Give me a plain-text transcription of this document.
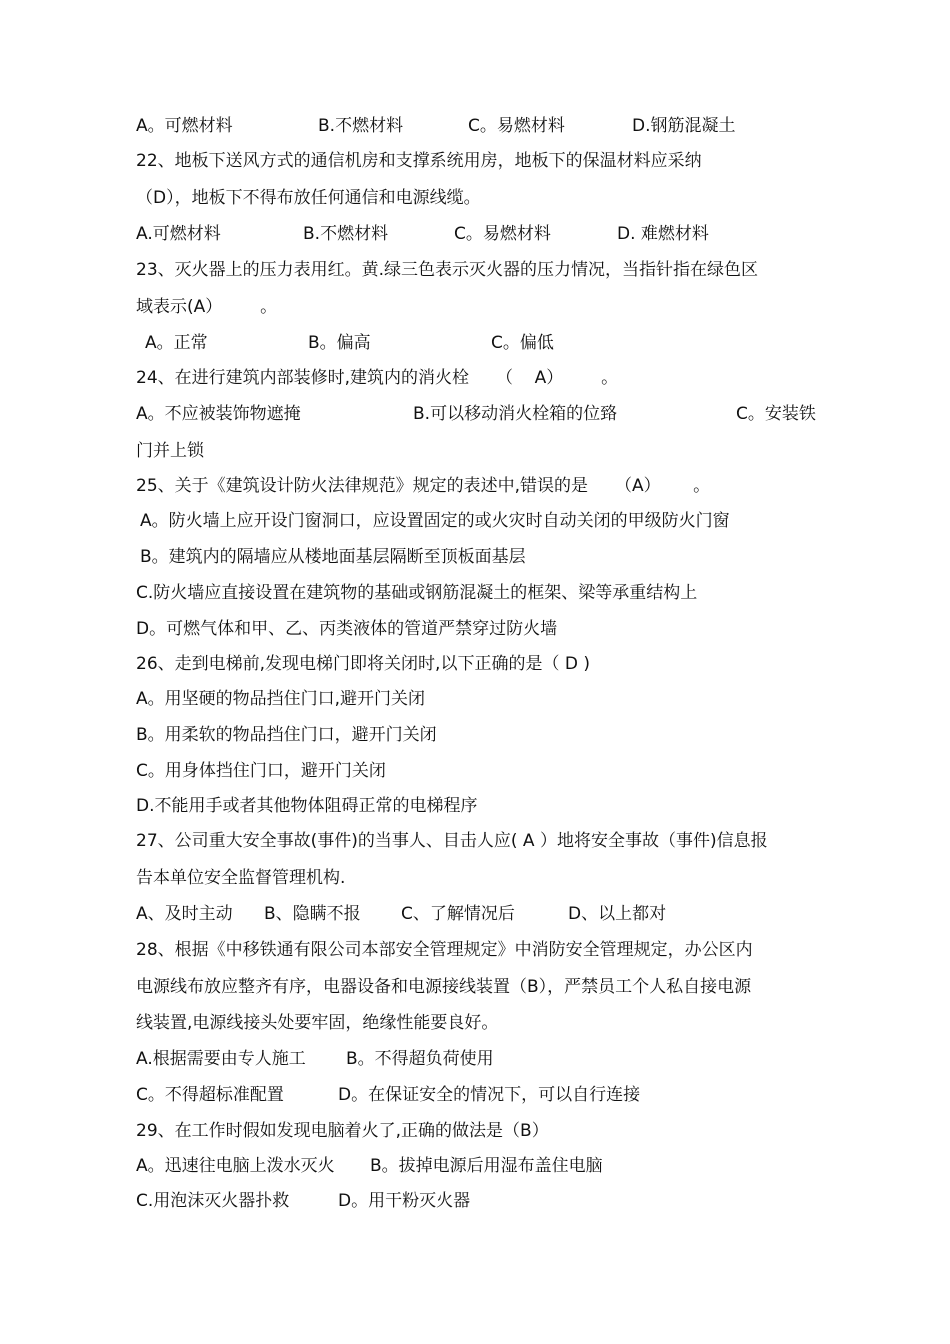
A。可燃材料	B.不燃材料	C。易燃材料	D.钢筋混凝土
22、地板下送风方式的通信机房和支撑系统用房，地板下的保温材料应采纳
（D），地板下不得布放任何通信和电源线缆。
A.可燃材料	B.不燃材料	C。易燃材料	D. 难燃材料
23、灭火器上的压力表用红。黄.绿三色表示灭火器的压力情况，当指针指在绿色区
域表示(A）       。
A。正常	B。偏高	C。偏低
24、在进行建筑内部装修时,建筑内的消火栓     （    A）       。
A。不应被装饰物遮掩	B.可以移动消火栓箱的位臵	C。安装铁
门并上锁
25、关于《建筑设计防火法律规范》规定的表述中,错误的是     （A）      。
A。防火墙上应开设门窗洞口，应设置固定的或火灾时自动关闭的甲级防火门窗
B。建筑内的隔墙应从楼地面基层隔断至顶板面基层
C.防火墙应直接设置在建筑物的基础或钢筋混凝土的框架、梁等承重结构上
D。可燃气体和甲、乙、丙类液体的管道严禁穿过防火墙
26、走到电梯前,发现电梯门即将关闭时,以下正确的是（ D )
A。用坚硬的物品挡住门口,避开门关闭
B。用柔软的物品挡住门口，避开门关闭
C。用身体挡住门口，避开门关闭
D.不能用手或者其他物体阻碍正常的电梯程序
27、公司重大安全事故(事件)的当事人、目击人应( A ）地将安全事故（事件)信息报
告本单位安全监督管理机构.
A、及时主动 B、隐瞒不报 C、了解情况后	D、以上都对
28、根据《中移铁通有限公司本部安全管理规定》中消防安全管理规定，办公区内
电源线布放应整齐有序，电器设备和电源接线装置（B），严禁员工个人私自接电源
线装置,电源线接头处要牢固，绝缘性能要良好。
A.根据需要由专人施工 B。不得超负荷使用
C。不得超标准配置	D。在保证安全的情况下，可以自行连接
29、在工作时假如发现电脑着火了,正确的做法是（B）
A。迅速往电脑上泼水灭火 B。拔掉电源后用湿布盖住电脑
C.用泡沫灭火器扑救	D。用干粉灭火器
